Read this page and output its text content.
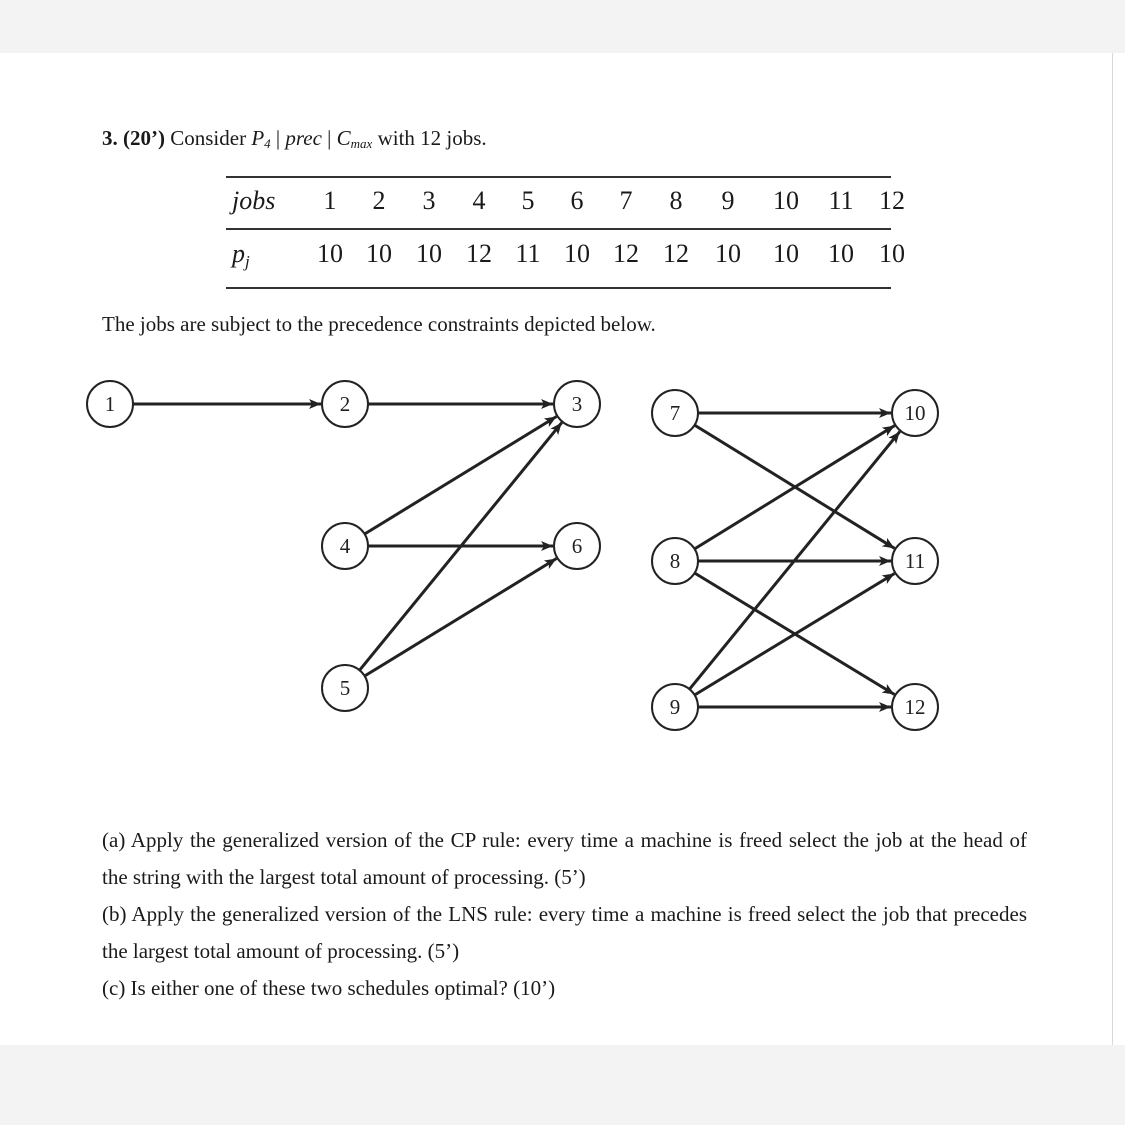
3. (20’) Consider P4 | prec | Cmax with 12 jobs.
jobs 1 2 3 4 5 6 7 8 9 10 11 12
pj	10 10 10 12 11 10 12 12 10 10 10 10
The jobs are subject to the precedence constraints depicted below.
1	2	3
4
5
6
7
8
9
10
11
12

(a) Apply the generalized version of the CP rule: every time a machine is freed select the job at the head of the string with the largest total amount of processing. (5’)

(b) Apply the generalized version of the LNS rule: every time a machine is freed select the job that precedes the largest total amount of processing. (5’)

(c) Is either one of these two schedules optimal? (10’)
